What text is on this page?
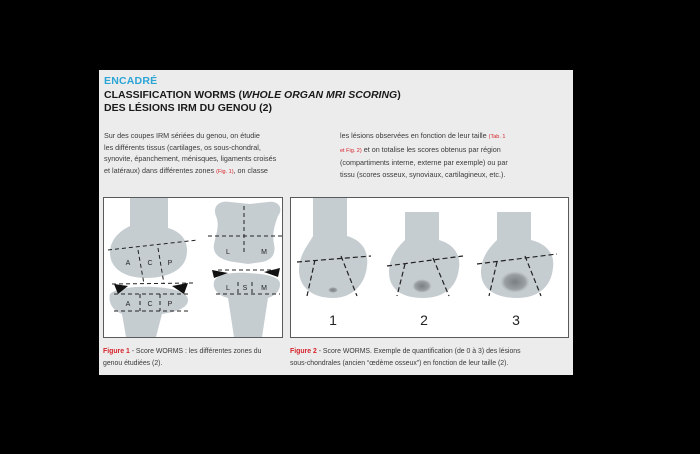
ENCADRÉ
CLASSIFICATION WORMS (WHOLE ORGAN MRI SCORING)
DES LÉSIONS IRM DU GENOU (2)
Sur des coupes IRM sériées du genou, on étudie
les différents tissus (cartilages, os sous-chondral,
synovite, épanchement, ménisques, ligaments croisés
et latéraux) dans différentes zones (Fig. 1), on classe
les lésions observées en fonction de leur taille (Tab. 1
et Fig. 2) et on totalise les scores obtenus par région
(compartiments interne, externe par exemple) ou par
tissu (scores osseux, synoviaux, cartilagineux, etc.).
A C P
A C P
L	M
L S M
1	2	3
Figure 1 - Score WORMS : les différentes zones du
genou étudiées (2).
Figure 2 - Score WORMS. Exemple de quantification (de 0 à 3) des lésions
sous-chondrales (ancien “œdème osseux”) en fonction de leur taille (2).
